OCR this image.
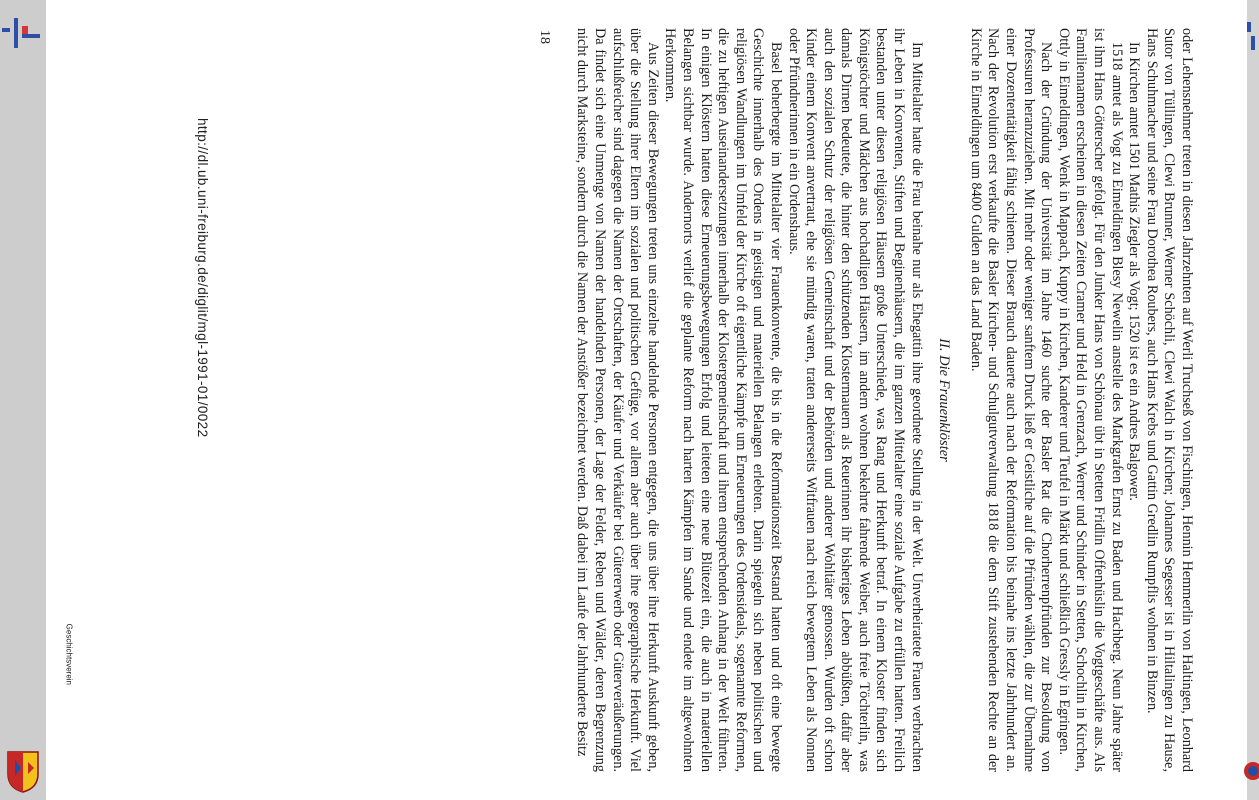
http://dl.ub.uni-freiburg.de/diglit/mgl-1991-01/0022
Geschichtsverein	oder Lehensnehmer treten in diesen Jahrzehnten auf Werli Truchseß von Fischingen, Hennin Hemmerlin von Haltingen, Leonhard Sutor von Tüllingen, Clewi Brunner, Werner Schöchli, Clewi Walch in Kirchen; Johannes Segesser ist in Hiltalingen zu Hause, Hans Schuhmacher und seine Frau Dorothea Roubers, auch Hans Krebs und Gattin Gredlin Rumpflis wohnen in Binzen.

In Kirchen amtet 1501 Mathis Ziegler als Vogt; 1520 ist es ein Andres Balgower.

1518 amtet als Vogt zu Eimeldingen Blesy Newelin anstelle des Markgrafen Ernst zu Baden und Hachberg. Neun Jahre später ist ihm Hans Götterscher gefolgt. Für den Junker Hans von Schönau übt in Stetten Fridlin Offenhüslin die Vogtgeschäfte aus. Als Familiennamen erscheinen in diesen Zeiten Cramer und Held in Grenzach, Werrer und Schinder in Stetten, Schochlin in Kirchen, Ottly in Eimeldingen, Wenk in Mappach, Kuppy in Kirchen, Kanderer und Teufel in Märkt und schließlich Gressly in Egringen.

Nach der Gründung der Universität im Jahre 1460 suchte der Basler Rat die Chorherrenpfründen zur Besoldung von Professuren heranzuziehen. Mit mehr oder weniger sanftem Druck ließ er Geistliche auf die Pfründen wählen, die zur Übernahme einer Dozententätigkeit fähig schienen. Dieser Brauch dauerte auch nach der Reformation bis beinahe ins letzte Jahrhundert an. Nach der Revolution erst verkaufte die Basler Kirchen- und Schulgutverwaltung 1818 die dem Stift zustehenden Rechte an der Kirche in Eimeldingen um 8400 Gulden an das Land Baden.

II. Die Frauenklöster

Im Mittelalter hatte die Frau beinahe nur als Ehegattin ihre geordnete Stellung in der Welt. Unverheiratete Frauen verbrachten ihr Leben in Konventen, Stiften und Beginenhäusern, die im ganzen Mittelalter eine soziale Aufgabe zu erfüllen hatten. Freilich bestanden unter diesen religiösen Häusern große Unterschiede, was Rang und Herkunft betraf. In einem Kloster finden sich Königstöchter und Mädchen aus hochadligen Häusern, im andern wohnen bekehrte fahrende Weiber, auch freie Töchterlin, was damals Dirnen bedeutete, die hinter den schützenden Klostermauern als Reuerinnen ihr bisheriges Leben abbüßten, dafür aber auch den sozialen Schutz der religiösen Gemeinschaft und der Behörden und anderer Wohltäter genossen. Wurden oft schon Kinder einem Konvent anvertraut, ehe sie mündig waren, traten andererseits Witfrauen nach reich bewegtem Leben als Nonnen oder Pfründnerinnen in ein Ordenshaus.

Basel beherbergte im Mittelalter vier Frauenkonvente, die bis in die Reformationszeit Bestand hatten und oft eine bewegte Geschichte innerhalb des Ordens in geistigen und materiellen Belangen erlebten. Darin spiegeln sich neben politischen und religiösen Wandlungen im Umfeld der Kirche oft eigentliche Kämpfe um Erneuerungen des Ordensideals, sogenannte Reformen, die zu heftigen Auseinandersetzungen innerhalb der Klostergemeinschaft und ihrem entsprechenden Anhang in der Welt führten. In einigen Klöstern hatten diese Erneuerungsbewegungen Erfolg und leiteten eine neue Blütezeit ein, die auch in materiellen Belangen sichtbar wurde. Andernorts verlief die geplante Reform nach harten Kämpfen im Sande und endete im altgewohnten Herkommen.

Aus Zeiten dieser Bewegungen treten uns einzelne handelnde Personen entgegen, die uns über ihre Herkunft Auskunft geben, über die Stellung ihrer Eltern im sozialen und politischen Gefüge, vor allem aber auch über ihre geographische Herkunft. Viel aufschlußreicher sind dagegen die Namen der Ortschaften, der Käufer und Verkäufer bei Gütererwerb oder Güterveräußerungen. Da findet sich eine Unmenge von Namen der handelnden Personen, der Lage der Felder, Reben und Wälder, deren Begrenzung nicht durch Marksteine, sondern durch die Namen der Anstößer bezeichnet werden. Daß dabei im Laufe der Jahrhunderte Besitz

18
